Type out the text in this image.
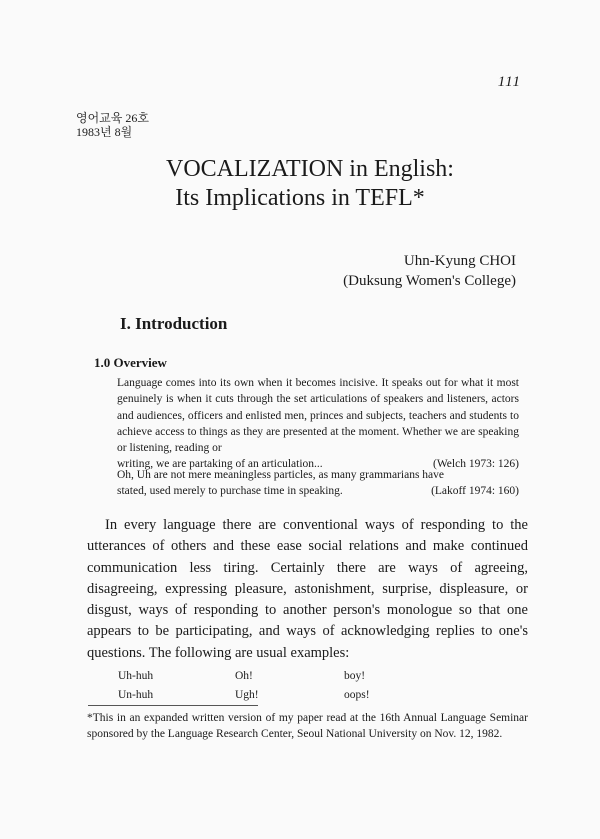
111
영어교육 26호
1983년 8월
VOCALIZATION in English:
Its Implications in TEFL*
Uhn-Kyung CHOI
(Duksung Women's College)
I. Introduction
1.0 Overview

Language comes into its own when it becomes incisive. It speaks out for what it most genuinely is when it cuts through the set articulations of speakers and listeners, actors and audiences, officers and enlisted men, princes and subjects, teachers and students to achieve access to things as they are presented at the moment. Whether we are speaking or listening, reading or

writing, we are partaking of an articulation...	(Welch 1973: 126)

Oh, Uh are not mere meaningless particles, as many grammarians have

stated, used merely to purchase time in speaking.	(Lakoff 1974: 160)

In every language there are conventional ways of responding to the utterances of others and these ease social relations and make continued communication less tiring. Certainly there are ways of agreeing, disagreeing, expressing pleasure, astonishment, surprise, displeasure, or disgust, ways of responding to another person's monologue so that one appears to be participating, and ways of acknowledging replies to one's questions. The following are usual examples:

Uh-huh	Oh!	boy!
Un-huh	Ugh!	oops!

*This in an expanded written version of my paper read at the 16th Annual Language Seminar sponsored by the Language Research Center, Seoul National University on Nov. 12, 1982.
